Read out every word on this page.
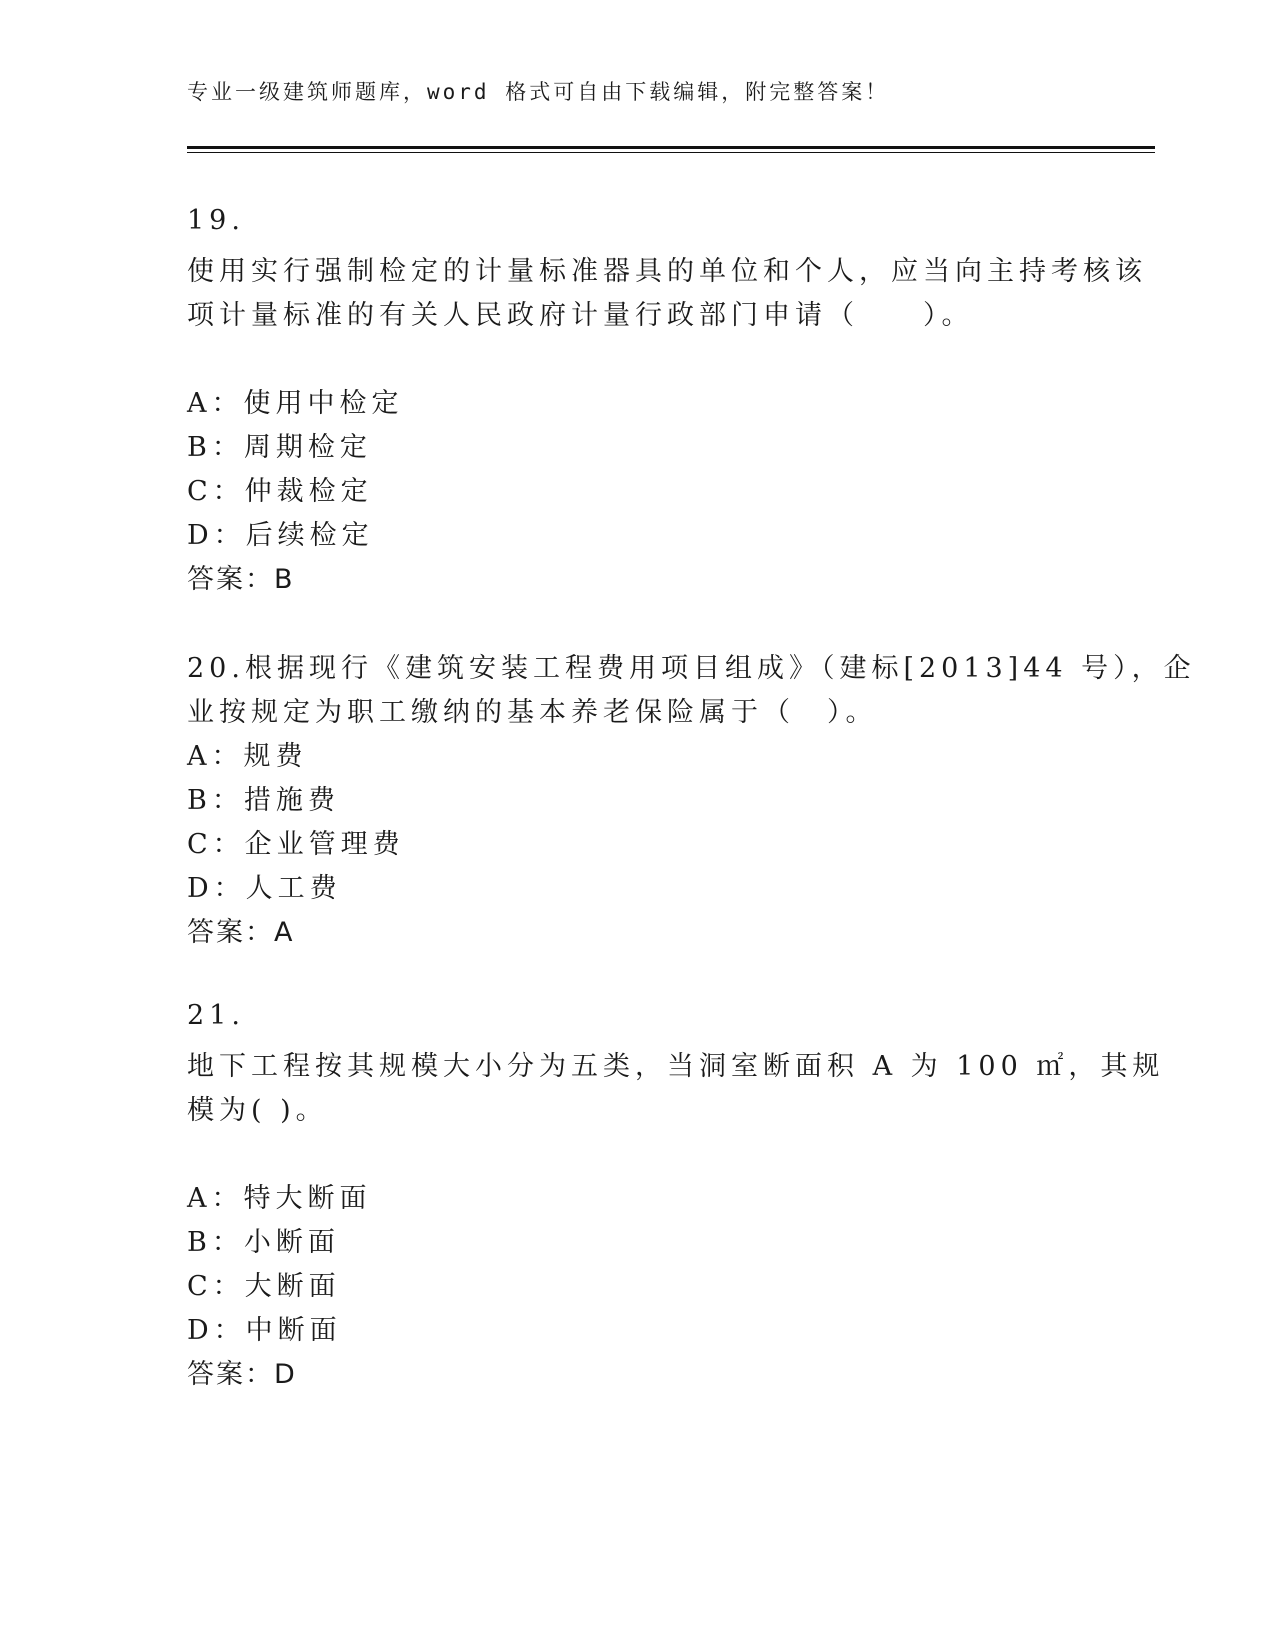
专业一级建筑师题库，word 格式可自由下载编辑，附完整答案！
19.
使用实行强制检定的计量标准器具的单位和个人，应当向主持考核该
项计量标准的有关人民政府计量行政部门申请（　　）。
A：使用中检定
B：周期检定
C：仲裁检定
D：后续检定
答案：B
20.根据现行《建筑安装工程费用项目组成》（建标[2013]44 号），企
业按规定为职工缴纳的基本养老保险属于（　）。
A：规费
B：措施费
C：企业管理费
D：人工费
答案：A
21.
地下工程按其规模大小分为五类，当洞室断面积 A 为 100 ㎡，其规
模为( )。
A：特大断面
B：小断面
C：大断面
D：中断面
答案：D
